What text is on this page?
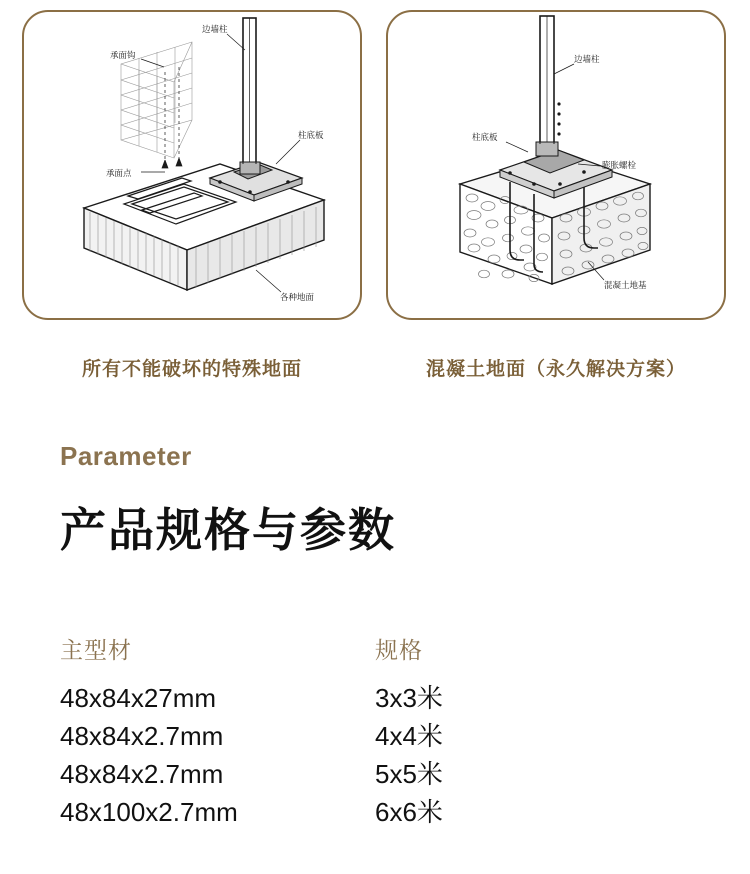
边墙柱
承面钩
承面点
柱底板
各种地面
所有不能破坏的特殊地面
边墙柱
柱底板
膨胀螺栓
混凝土地基
混凝土地面（永久解决方案）
Parameter
产品规格与参数
主型材
48x84x27mm
48x84x2.7mm
48x84x2.7mm
48x100x2.7mm
规格
3x3米
4x4米
5x5米
6x6米
